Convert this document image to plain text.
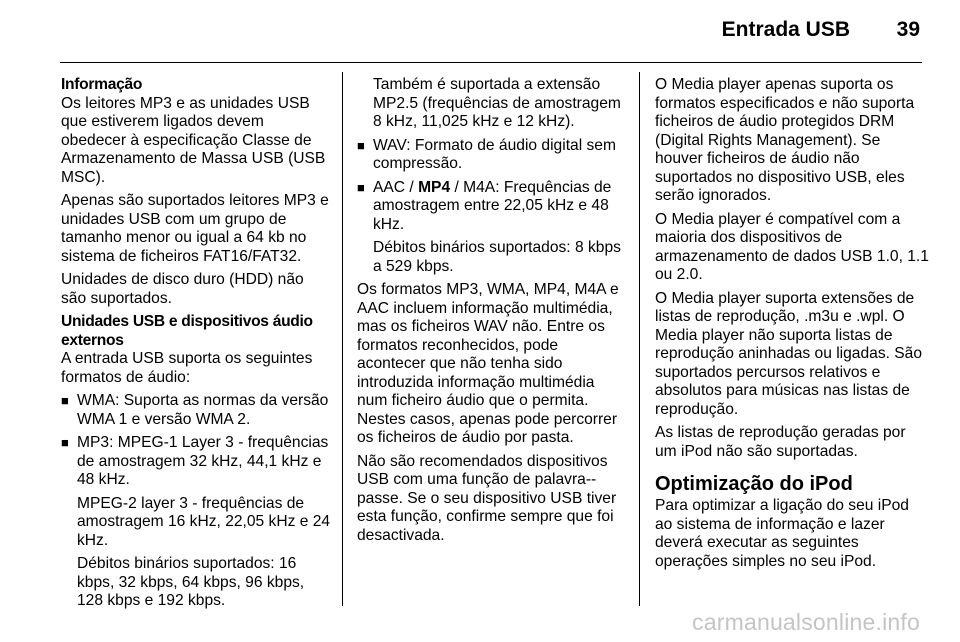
Entrada USB 39
Informação

Os leitores MP3 e as unidades USB que estiverem ligados devem obedecer à especificação Classe de Armazenamento de Massa USB (USB MSC).

Apenas são suportados leitores MP3 e unidades USB com um grupo de tamanho menor ou igual a 64 kb no sistema de ficheiros FAT16/FAT32.

Unidades de disco duro (HDD) não são suportados.

Unidades USB e dispositivos áudio externos

A entrada USB suporta os seguintes formatos de áudio:

■ WMA: Suporta as normas da versão WMA 1 e versão WMA 2.
■ MP3: MPEG-1 Layer 3 - frequências de amostragem 32 kHz, 44,1 kHz e 48 kHz.

MPEG-2 layer 3 - frequências de amostragem 16 kHz, 22,05 kHz e 24 kHz.

Débitos binários suportados: 16 kbps, 32 kbps, 64 kbps, 96 kbps, 128 kbps e 192 kbps.

Também é suportada a extensão MP2.5 (frequências de amostragem 8 kHz, 11,025 kHz e 12 kHz).

■ WAV: Formato de áudio digital sem compressão.
■ AAC / MP4 / M4A: Frequências de amostragem entre 22,05 kHz e 48 kHz.

Débitos binários suportados: 8 kbps a 529 kbps.

Os formatos MP3, WMA, MP4, M4A e AAC incluem informação multimédia, mas os ficheiros WAV não. Entre os formatos reconhecidos, pode acontecer que não tenha sido introduzida informação multimédia num ficheiro áudio que o permita. Nestes casos, apenas pode percorrer os ficheiros de áudio por pasta.

Não são recomendados dispositivos USB com uma função de palavra--passe. Se o seu dispositivo USB tiver esta função, confirme sempre que foi desactivada.

O Media player apenas suporta os formatos especificados e não suporta ficheiros de áudio protegidos DRM (Digital Rights Management). Se houver ficheiros de áudio não suportados no dispositivo USB, eles serão ignorados.

O Media player é compatível com a maioria dos dispositivos de armazenamento de dados USB 1.0, 1.1 ou 2.0.

O Media player suporta extensões de listas de reprodução, .m3u e .wpl. O Media player não suporta listas de reprodução aninhadas ou ligadas. São suportados percursos relativos e absolutos para músicas nas listas de reprodução.

As listas de reprodução geradas por um iPod não são suportadas.

Optimização do iPod

Para optimizar a ligação do seu iPod ao sistema de informação e lazer deverá executar as seguintes operações simples no seu iPod.

carmanualsonline.info
